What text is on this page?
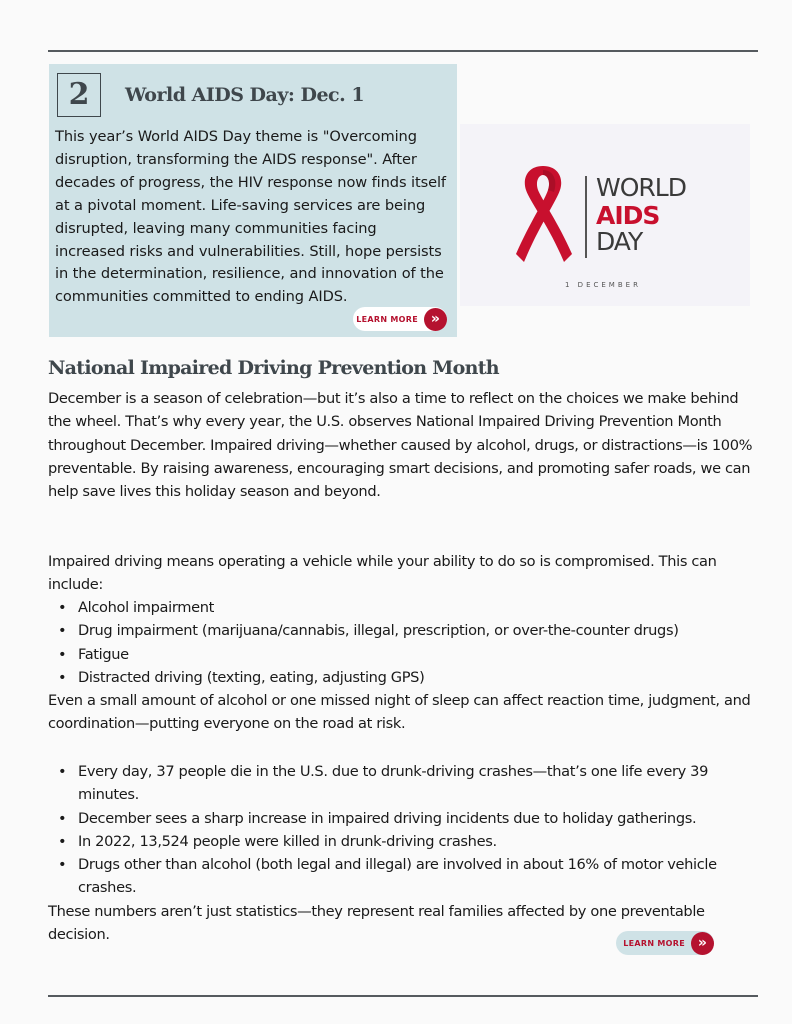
2	World AIDS Day: Dec. 1
This year’s World AIDS Day theme is "Overcoming disruption, transforming the AIDS response". After decades of progress, the HIV response now finds itself at a pivotal moment. Life-saving services are being disrupted, leaving many communities facing increased risks and vulnerabilities. Still, hope persists in the determination, resilience, and innovation of the communities committed to ending AIDS.
LEARN MORE »
WORLD
AIDS
DAY
1 DECEMBER
National Impaired Driving Prevention Month

December is a season of celebration—but it’s also a time to reflect on the choices we make behind the wheel. That’s why every year, the U.S. observes National Impaired Driving Prevention Month throughout December. Impaired driving—whether caused by alcohol, drugs, or distractions—is 100% preventable. By raising awareness, encouraging smart decisions, and promoting safer roads, we can help save lives this holiday season and beyond.

Impaired driving means operating a vehicle while your ability to do so is compromised. This can include:

• Alcohol impairment
• Drug impairment (marijuana/cannabis, illegal, prescription, or over-the-counter drugs)
• Fatigue
• Distracted driving (texting, eating, adjusting GPS)

Even a small amount of alcohol or one missed night of sleep can affect reaction time, judgment, and coordination—putting everyone on the road at risk.

• Every day, 37 people die in the U.S. due to drunk-driving crashes—that’s one life every 39 minutes.
• December sees a sharp increase in impaired driving incidents due to holiday gatherings.
• In 2022, 13,524 people were killed in drunk-driving crashes.
• Drugs other than alcohol (both legal and illegal) are involved in about 16% of motor vehicle crashes.

These numbers aren’t just statistics—they represent real families affected by one preventable decision.	LEARN MORE »
